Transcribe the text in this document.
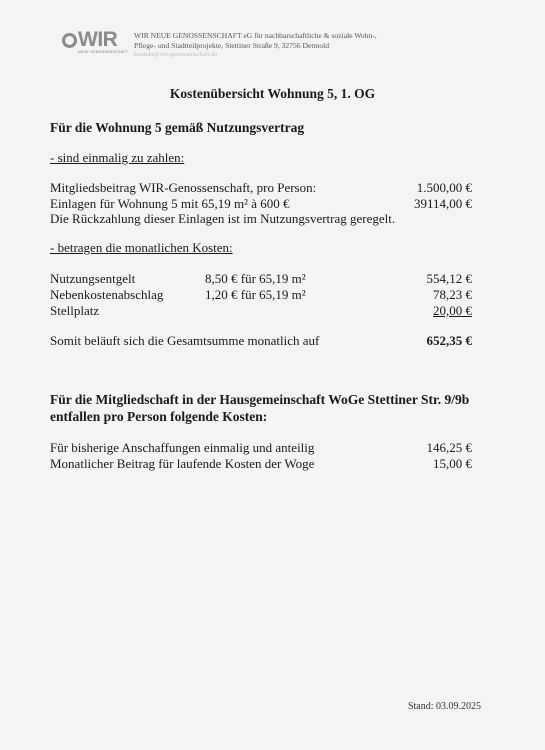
WIR
NEUE GENOSSENSCHAFT
WIR NEUE GENOSSENSCHAFT eG für nachbarschaftliche & soziale Wohn-,
Pflege- und Stadtteilprojekte, Stettiner Straße 9, 32756 Detmold
kontakt@wir-genossenschaft.de
Kostenübersicht Wohnung 5, 1. OG
Für die Wohnung 5 gemäß Nutzungsvertrag
- sind einmalig zu zahlen:
Mitgliedsbeitrag WIR-Genossenschaft, pro Person:	1.500,00 €
Einlagen für Wohnung 5 mit 65,19 m² à 600 €	39114,00 €
Die Rückzahlung dieser Einlagen ist im Nutzungsvertrag geregelt.
- betragen die monatlichen Kosten:
Nutzungsentgelt	8,50 € für 65,19 m²	554,12 €
Nebenkostenabschlag	1,20 € für 65,19 m²	78,23 €
Stellplatz	20,00 €
Somit beläuft sich die Gesamtsumme monatlich auf	652,35 €
Für die Mitgliedschaft in der Hausgemeinschaft WoGe Stettiner Str. 9/9b entfallen pro Person folgende Kosten:
Für bisherige Anschaffungen einmalig und anteilig	146,25 €
Monatlicher Beitrag für laufende Kosten der Woge	15,00 €
Stand: 03.09.2025
